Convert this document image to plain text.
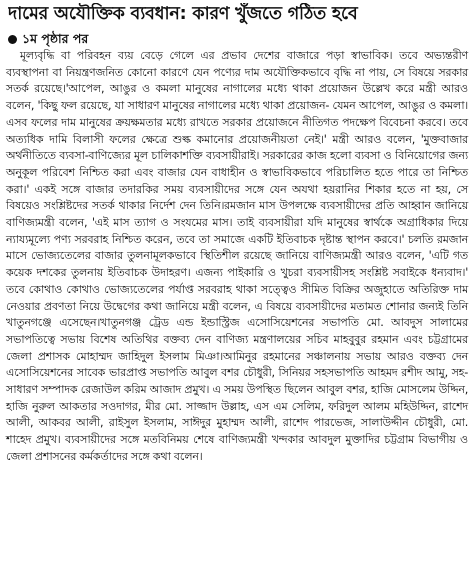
দামের অযৌক্তিক ব্যবধান: কারণ খুঁজতে গঠিত হবে
১ম পৃষ্ঠার পর

মূল্যবৃদ্ধি বা পরিবহন ব্যয় বেড়ে গেলে এর প্রভাব দেশের বাজারে পড়া স্বাভাবিক। তবে অভ্যন্তরীণ ব্যবস্থাপনা বা নিয়ন্ত্রণজনিত কোনো কারণে যেন পণ্যের দাম অযৌক্তিকভাবে বৃদ্ধি না পায়, সে বিষয়ে সরকার সতর্ক রয়েছে।'আপেল, আঙুর ও কমলা মানুষের নাগালের মধ্যে থাকা প্রয়োজন উল্লেখ করে মন্ত্রী আরও বলেন, 'কিছু ফল রয়েছে, যা সাধারণ মানুষের নাগালের মধ্যে থাকা প্রয়োজন- যেমন আপেল, আঙুর ও কমলা। এসব ফলের দাম মানুষের ক্রয়ক্ষমতার মধ্যে রাখতে সরকার প্রয়োজনে নীতিগত পদক্ষেপ বিবেচনা করবে। তবে অত্যধিক দামি বিলাসী ফলের ক্ষেত্রে শুল্ক কমানোর প্রয়োজনীয়তা নেই।' মন্ত্রী আরও বলেন, 'মুক্তবাজার অর্থনীতিতে ব্যবসা-বাণিজ্যের মূল চালিকাশক্তি ব্যবসায়ীরাই। সরকারের কাজ হলো ব্যবসা ও বিনিয়োগের জন্য অনুকূল পরিবেশ নিশ্চিত করা এবং বাজার যেন বাধাহীন ও স্বাভাবিকভাবে পরিচালিত হতে পারে তা নিশ্চিত করা।' একই সঙ্গে বাজার তদারকির সময় ব্যবসায়ীদের সঙ্গে যেন অযথা হয়রানির শিকার হতে না হয়, সে বিষয়েও সংশ্লিষ্টদের সতর্ক থাকার নির্দেশ দেন তিনি।রমজান মাস উপলক্ষে ব্যবসায়ীদের প্রতি আহ্বান জানিয়ে বাণিজ্যমন্ত্রী বলেন, 'এই মাস ত্যাগ ও সংযমের মাস। তাই ব্যবসায়ীরা যদি মানুষের স্বার্থকে অগ্রাধিকার দিয়ে ন্যায্যমূল্যে পণ্য সরবরাহ নিশ্চিত করেন, তবে তা সমাজে একটি ইতিবাচক দৃষ্টান্ত স্থাপন করবে।' চলতি রমজান মাসে ভোজ্যতেলের বাজার তুলনামূলকভাবে স্থিতিশীল রয়েছে জানিয়ে বাণিজ্যমন্ত্রী আরও বলেন, 'এটি গত কয়েক দশকের তুলনায় ইতিবাচক উদাহরণ। এজন্য পাইকারি ও খুচরা ব্যবসায়ীসহ সংশ্লিষ্ট সবাইকে ধন্যবাদ।' তবে কোথাও কোথাও ভোজ্যতেলের পর্যাপ্ত সরবরাহ থাকা সত্ত্বেও সীমিত বিক্রির অজুহাতে অতিরিক্ত দাম নেওয়ার প্রবণতা নিয়ে উদ্বেগের কথা জানিয়ে মন্ত্রী বলেন, এ বিষয়ে ব্যবসায়ীদের মতামত শোনার জন্যই তিনি খাতুনগঞ্জে এসেছেন।খাতুনগঞ্জ ট্রেড এন্ড ইন্ডাস্ট্রিজ এসোসিয়েশনের সভাপতি মো. আবদুস সালামের সভাপতিত্বে সভায় বিশেষ অতিথির বক্তব্য দেন বাণিজ্য মন্ত্রণালয়ের সচিব মাহবুবুর রহমান এবং চট্টগ্রামের জেলা প্রশাসক মোহাম্মদ জাহিদুল ইসলাম মিঞা।আমিনুর রহমানের সঞ্চালনায় সভায় আরও বক্তব্য দেন এসোসিয়েশনের সাবেক ভারপ্রাপ্ত সভাপতি আবুল বশর চৌধুরী, সিনিয়র সহসভাপতি আহমদ রশীদ আমু, সহ-সাধারণ সম্পাদক রেজাউল করিম আজাদ প্রমুখ। এ সময় উপস্থিত ছিলেন আবুল বশর, হাজি মোসলেম উদ্দিন, হাজি নুরুল আকতার সওদাগর, মীর মো. সাজ্জাদ উল্লাহ, এস এম সেলিম, ফরিদুল আলম মহিউদ্দিন, রাশেদ আলী, আকবর আলী, রাইসুল ইসলাম, সাঈদুর মুহাম্মদ আলী, রাশেদ পারভেজ, সালাউদ্দীন চৌধুরী, মো. শাহেদ প্রমুখ। ব্যবসায়ীদের সঙ্গে মতবিনিময় শেষে বাণিজ্যমন্ত্রী খন্দকার আবদুল মুক্তাদির চট্টগ্রাম বিভাগীয় ও জেলা প্রশাসনের কর্মকর্তাদের সঙ্গে কথা বলেন।
